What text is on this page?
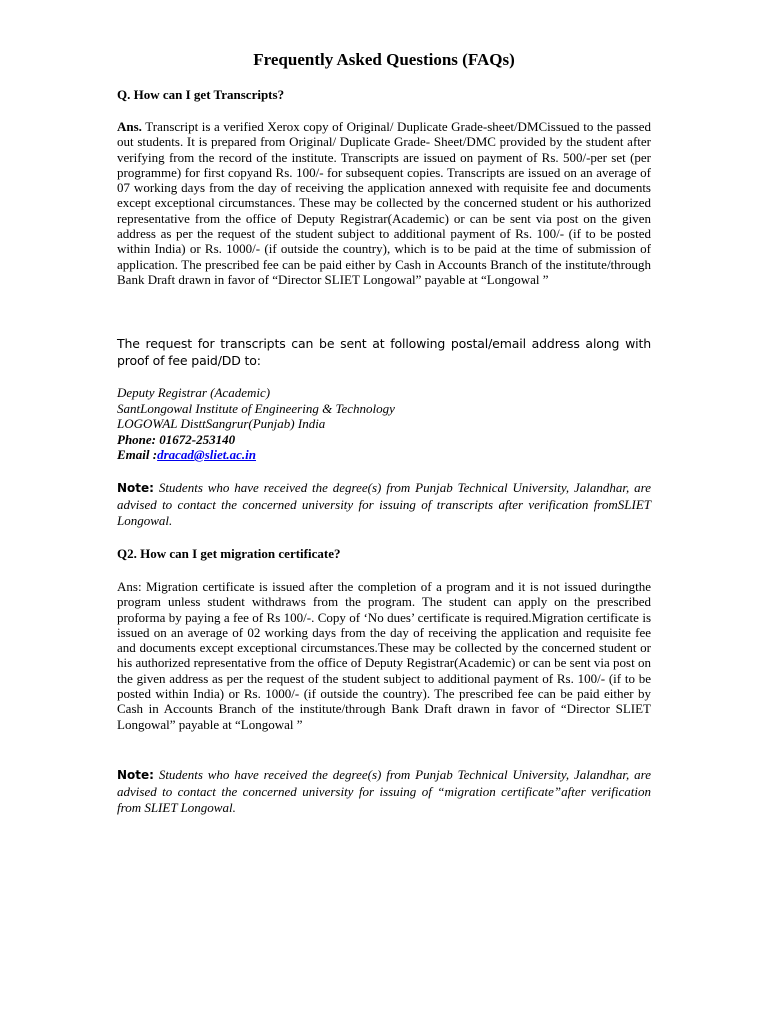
Frequently Asked Questions (FAQs)
Q. How can I get Transcripts?

Ans. Transcript is a verified Xerox copy of Original/ Duplicate Grade-sheet/DMCissued to the passed out students. It is prepared from Original/ Duplicate Grade- Sheet/DMC provided by the student after verifying from the record of the institute. Transcripts are issued on payment of Rs. 500/-per set (per programme) for first copyand Rs. 100/- for subsequent copies. Transcripts are issued on an average of 07 working days from the day of receiving the application annexed with requisite fee and documents except exceptional circumstances. These may be collected by the concerned student or his authorized representative from the office of Deputy Registrar(Academic) or can be sent via post on the given address as per the request of the student subject to additional payment of Rs. 100/- (if to be posted within India) or Rs. 1000/- (if outside the country), which is to be paid at the time of submission of application. The prescribed fee can be paid either by Cash in Accounts Branch of the institute/through Bank Draft drawn in favor of “Director SLIET Longowal” payable at “Longowal ”

The request for transcripts can be sent at following postal/email address along with proof of fee paid/DD to:

Deputy Registrar (Academic)
SantLongowal Institute of Engineering & Technology
LOGOWAL DisttSangrur(Punjab) India
Phone: 01672-253140
Email :dracad@sliet.ac.in

Note: Students who have received the degree(s) from Punjab Technical University, Jalandhar, are advised to contact the concerned university for issuing of transcripts after verification fromSLIET Longowal.

Q2. How can I get migration certificate?

Ans: Migration certificate is issued after the completion of a program and it is not issued duringthe program unless student withdraws from the program. The student can apply on the prescribed proforma by paying a fee of Rs 100/-. Copy of ‘No dues’ certificate is required.Migration certificate is issued on an average of 02 working days from the day of receiving the application and requisite fee and documents except exceptional circumstances.These may be collected by the concerned student or his authorized representative from the office of Deputy Registrar(Academic) or can be sent via post on the given address as per the request of the student subject to additional payment of Rs. 100/- (if to be posted within India) or Rs. 1000/- (if outside the country). The prescribed fee can be paid either by Cash in Accounts Branch of the institute/through Bank Draft drawn in favor of “Director SLIET Longowal” payable at “Longowal ”

Note: Students who have received the degree(s) from Punjab Technical University, Jalandhar, are advised to contact the concerned university for issuing of “migration certificate”after verification from SLIET Longowal.
